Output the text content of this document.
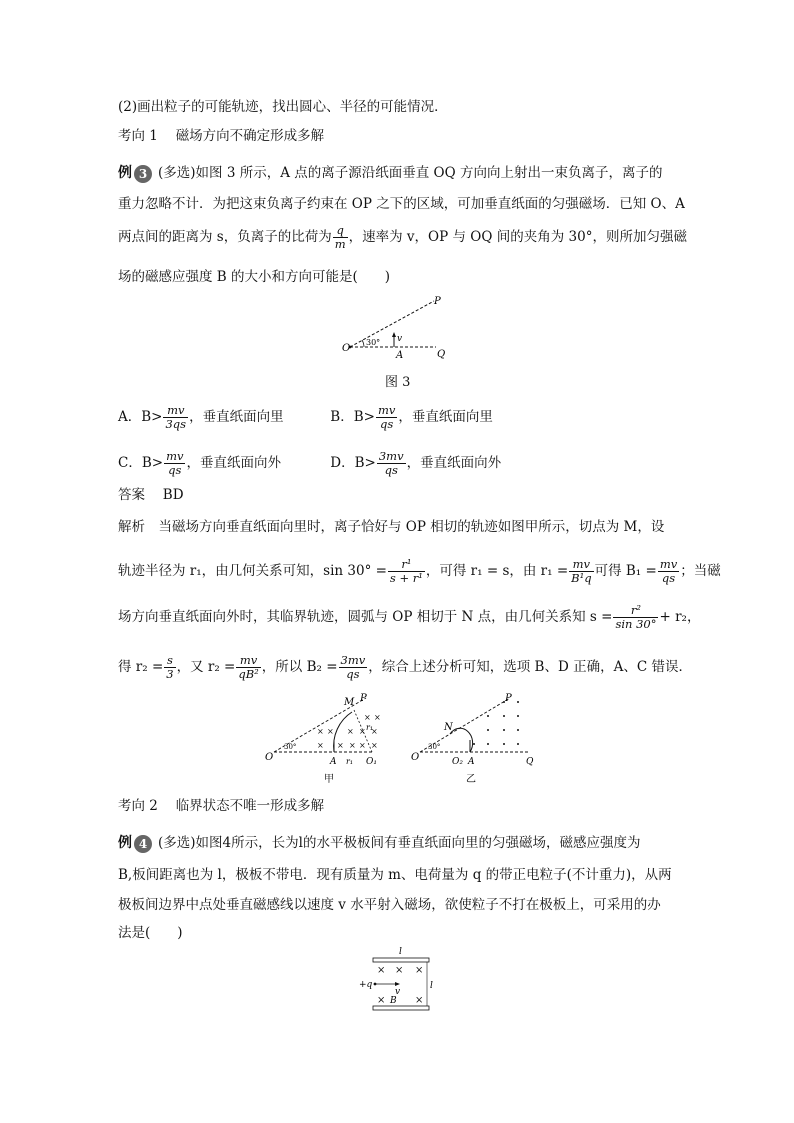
(2)画出粒子的可能轨迹，找出圆心、半径的可能情况．
考向 1　 磁场方向不确定形成多解
例 3 (多选)如图 3 所示，A 点的离子源沿纸面垂直 OQ 方向向上射出一束负离子，离子的
重力忽略不计．为把这束负离子约束在 OP 之下的区域，可加垂直纸面的匀强磁场．已知 O、A
两点间的距离为 s，负离子的比荷为 $\frac{q}{m}$ ，速率为 v，OP 与 OQ 间的夹角为 30°，则所加匀强磁
场的磁感应强度 B 的大小和方向可能是(　　)
P
O
30° v
A	Q
图 3
A．$B> \frac{mv}{3qs}$ ，垂直纸面向里	B．$B> \frac{mv}{qs}$ ，垂直纸面向里
C．$B> \frac{mv}{qs}$ ，垂直纸面向外	D．$B> \frac{3mv}{qs}$ ，垂直纸面向外
答案　 BD
解析　 当磁场方向垂直纸面向里时，离子恰好与 OP 相切的轨迹如图甲所示，切点为 M，设
轨迹半径为 r₁，由几何关系可知，$\sin 30^\circ = \frac{\text{r¹}}{\text{s + r¹}}$ ，可得 r₁ = s，由 $r_1 = \frac{mv}{\text{B¹q}}$ 可得 $B_1 = \frac{mv}{qs}$ ；当磁
场方向垂直纸面向外时，其临界轨迹，圆弧与 OP 相切于 N 点，由几何关系知 $s = \frac{\text{r²}}{\sin 30^\circ} + r_2$，
得 $r_2 = \frac{s}{3}$ ，又 $r_2 = \frac{mv}{\text{qB²}}$ ，所以 $B_2 = \frac{3mv}{qs}$ ，综合上述分析可知，选项 B、D 正确，A、C 错误．
× × × × ×
× × × × ×
× ×
O
30°
M P
A	O₁
r₁
r₁
甲
O
30°
N
P
O₂ A	Q
乙
考向 2　 临界状态不唯一形成多解
例 4 (多选)如图4所示，长为l的水平极板间有垂直纸面向里的匀强磁场，磁感应强度为
B,板间距离也为 l，极板不带电．现有质量为 m、电荷量为 q 的带正电粒子(不计重力)，从两
极板间边界中点处垂直磁感线以速度 v 水平射入磁场，欲使粒子不打在极板上，可采用的办
法是(　　)
× × ×
×	×
l
l
+q
v
B
